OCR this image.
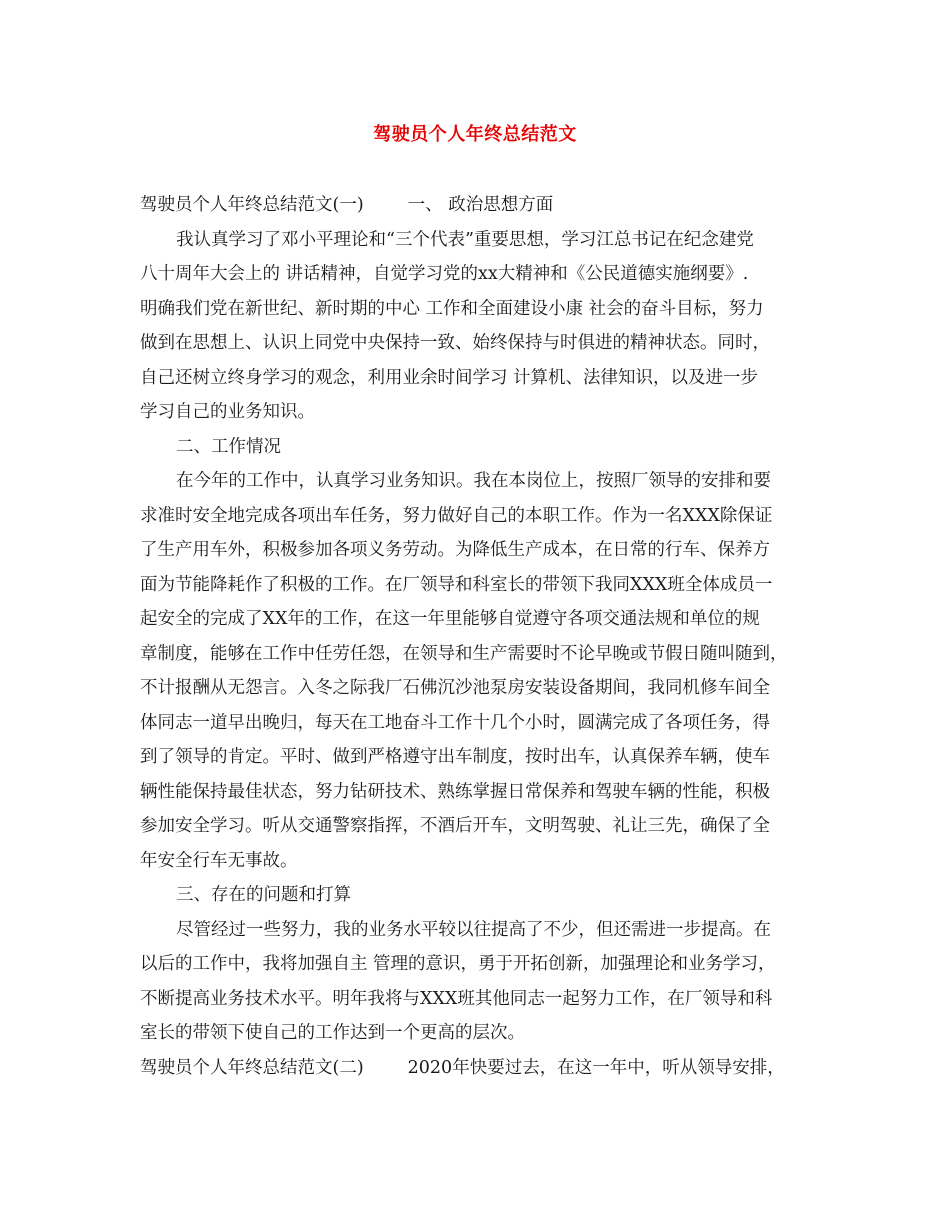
驾驶员个人年终总结范文
驾驶员个人年终总结范文(一)	一、 政治思想方面
我认真学习了邓小平理论和“三个代表”重要思想，学习江总书记在纪念建党
八十周年大会上的 讲话精神，自觉学习党的xx大精神和《公民道德实施纲要》.
明确我们党在新世纪、新时期的中心 工作和全面建设小康 社会的奋斗目标，努力
做到在思想上、认识上同党中央保持一致、始终保持与时俱进的精神状态。同时，
自己还树立终身学习的观念，利用业余时间学习 计算机、法律知识，以及进一步
学习自己的业务知识。
二、工作情况
在今年的工作中，认真学习业务知识。我在本岗位上，按照厂领导的安排和要
求准时安全地完成各项出车任务，努力做好自己的本职工作。作为一名XXX除保证
了生产用车外，积极参加各项义务劳动。为降低生产成本，在日常的行车、保养方
面为节能降耗作了积极的工作。在厂领导和科室长的带领下我同XXX班全体成员一
起安全的完成了XX年的工作，在这一年里能够自觉遵守各项交通法规和单位的规
章制度，能够在工作中任劳任怨，在领导和生产需要时不论早晚或节假日随叫随到，
不计报酬从无怨言。入冬之际我厂石佛沉沙池泵房安装设备期间，我同机修车间全
体同志一道早出晚归，每天在工地奋斗工作十几个小时，圆满完成了各项任务，得
到了领导的肯定。平时、做到严格遵守出车制度，按时出车，认真保养车辆，使车
辆性能保持最佳状态，努力钻研技术、熟练掌握日常保养和驾驶车辆的性能，积极
参加安全学习。听从交通警察指挥，不酒后开车，文明驾驶、礼让三先，确保了全
年安全行车无事故。
三、存在的问题和打算
尽管经过一些努力，我的业务水平较以往提高了不少，但还需进一步提高。在
以后的工作中，我将加强自主 管理的意识，勇于开拓创新，加强理论和业务学习，
不断提高业务技术水平。明年我将与XXX班其他同志一起努力工作，在厂领导和科
室长的带领下使自己的工作达到一个更高的层次。
驾驶员个人年终总结范文(二)	2020年快要过去，在这一年中，听从领导安排，
